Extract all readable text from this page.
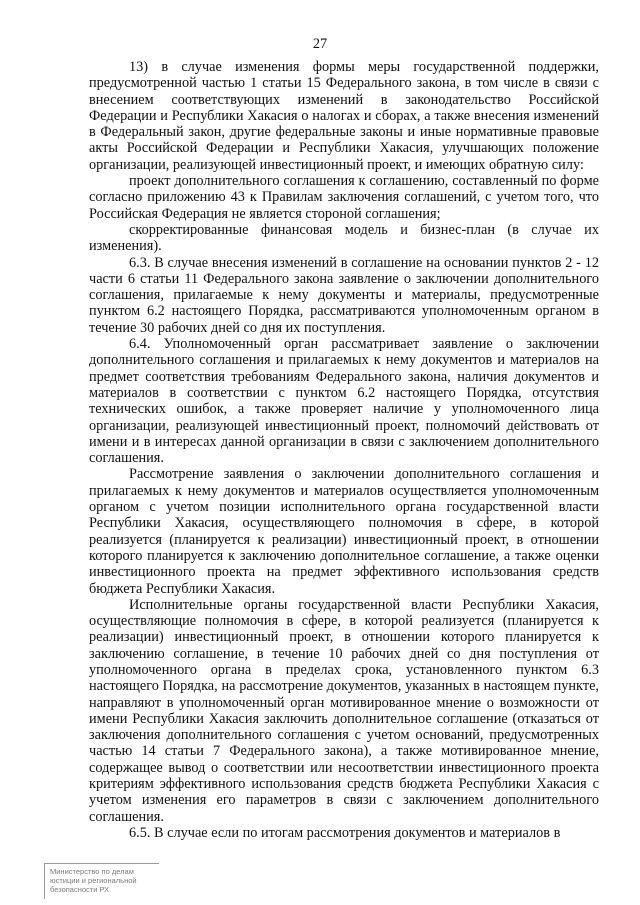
27

13) в случае изменения формы меры государственной поддержки, предусмотренной частью 1 статьи 15 Федерального закона, в том числе в связи с внесением соответствующих изменений в законодательство Российской Федерации и Республики Хакасия о налогах и сборах, а также внесения изменений в Федеральный закон, другие федеральные законы и иные нормативные правовые акты Российской Федерации и Республики Хакасия, улучшающих положение организации, реализующей инвестиционный проект, и имеющих обратную силу:

проект дополнительного соглашения к соглашению, составленный по форме согласно приложению 43 к Правилам заключения соглашений, с учетом того, что Российская Федерация не является стороной соглашения;

скорректированные финансовая модель и бизнес-план (в случае их изменения).

6.3. В случае внесения изменений в соглашение на основании пунктов 2 - 12 части 6 статьи 11 Федерального закона заявление о заключении дополнительного соглашения, прилагаемые к нему документы и материалы, предусмотренные пунктом 6.2 настоящего Порядка, рассматриваются уполномоченным органом в течение 30 рабочих дней со дня их поступления.

6.4. Уполномоченный орган рассматривает заявление о заключении дополнительного соглашения и прилагаемых к нему документов и материалов на предмет соответствия требованиям Федерального закона, наличия документов и материалов в соответствии с пунктом 6.2 настоящего Порядка, отсутствия технических ошибок, а также проверяет наличие у уполномоченного лица организации, реализующей инвестиционный проект, полномочий действовать от имени и в интересах данной организации в связи с заключением дополнительного соглашения.

Рассмотрение заявления о заключении дополнительного соглашения и прилагаемых к нему документов и материалов осуществляется уполномоченным органом с учетом позиции исполнительного органа государственной власти Республики Хакасия, осуществляющего полномочия в сфере, в которой реализуется (планируется к реализации) инвестиционный проект, в отношении которого планируется к заключению дополнительное соглашение, а также оценки инвестиционного проекта на предмет эффективного использования средств бюджета Республики Хакасия.

Исполнительные органы государственной власти Республики Хакасия, осуществляющие полномочия в сфере, в которой реализуется (планируется к реализации) инвестиционный проект, в отношении которого планируется к заключению соглашение, в течение 10 рабочих дней со дня поступления от уполномоченного органа в пределах срока, установленного пунктом 6.3 настоящего Порядка, на рассмотрение документов, указанных в настоящем пункте, направляют в уполномоченный орган мотивированное мнение о возможности от имени Республики Хакасия заключить дополнительное соглашение (отказаться от заключения дополнительного соглашения с учетом оснований, предусмотренных частью 14 статьи 7 Федерального закона), а также мотивированное мнение, содержащее вывод о соответствии или несоответствии инвестиционного проекта критериям эффективного использования средств бюджета Республики Хакасия с учетом изменения его параметров в связи с заключением дополнительного соглашения.

6.5. В случае если по итогам рассмотрения документов и материалов в

Министерство по делам
юстиции и региональной
безопасности РХ
